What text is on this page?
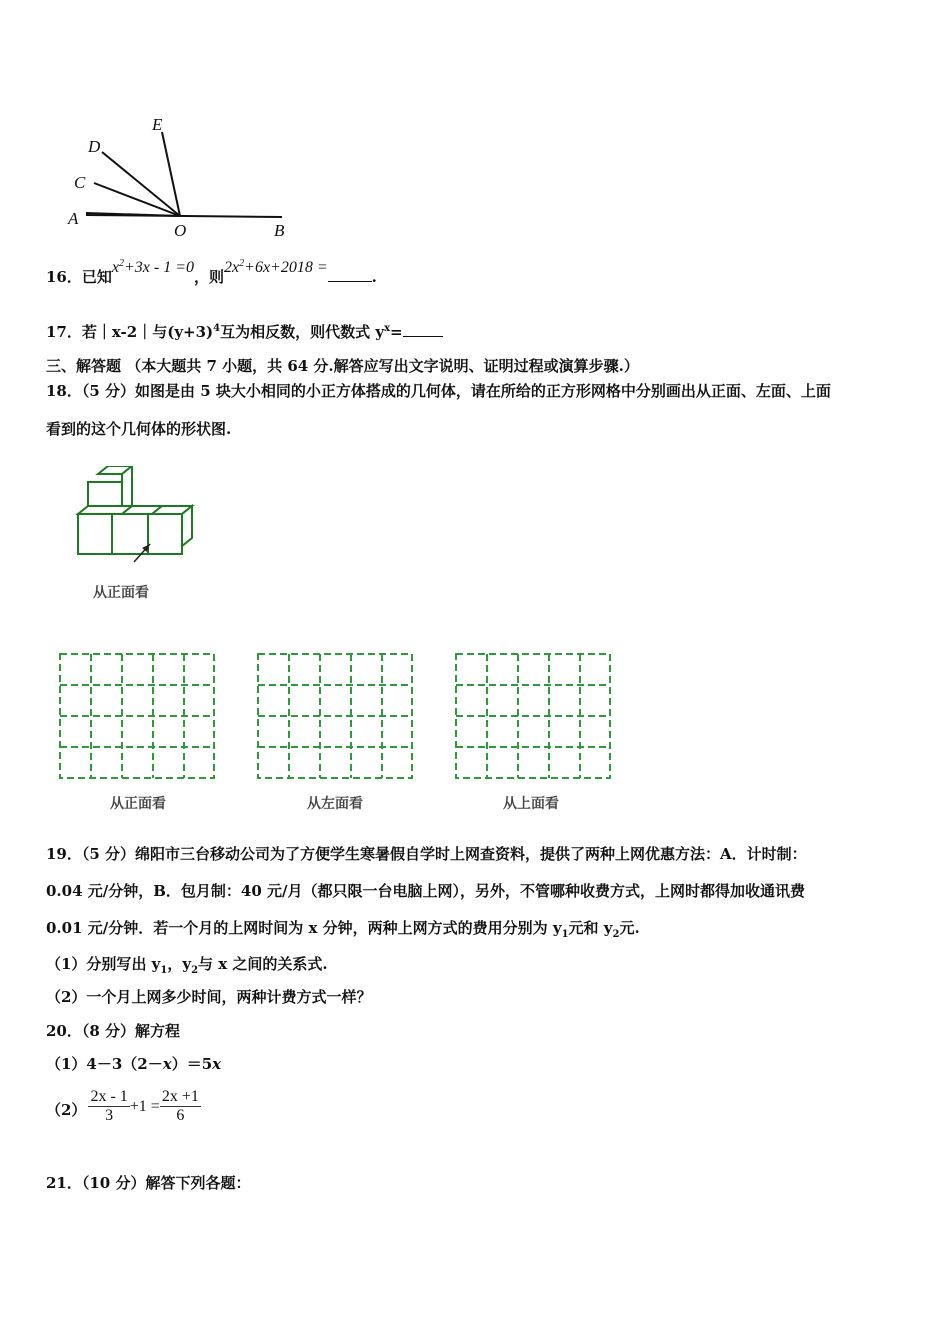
A
B
C
D
E
O
16．已知$x^2+3x - 1 =0$，则$2x^2+6x+2018$ =.
17．若｜x-2｜与$(y+3)^4$互为相反数，则代数式 $y^x=$
三、解答题 （本大题共 7 小题，共 64 分.解答应写出文字说明、证明过程或演算步骤.）
18．（5 分）如图是由 5 块大小相同的小正方体搭成的几何体，请在所给的正方形网格中分别画出从正面、左面、上面
看到的这个几何体的形状图.
从正面看
从正面看	从左面看	从上面看
19．（5 分）绵阳市三台移动公司为了方便学生寒暑假自学时上网查资料，提供了两种上网优惠方法：A．计时制：
0.04 元/分钟，B．包月制：40 元/月（都只限一台电脑上网），另外，不管哪种收费方式，上网时都得加收通讯费
0.01 元/分钟．若一个月的上网时间为 x 分钟，两种上网方式的费用分别为 $y_1$元和 $y_2$元.
（1）分别写出 $y_1$，$y_2$与 x 之间的关系式.
（2）一个月上网多少时间，两种计费方式一样？
20．（8 分）解方程
（1）4－3（2－x）＝5x
$(2) \frac{2x - 1}{3} +1 = \frac{2x +1}{6}$
21．（10 分）解答下列各题：
